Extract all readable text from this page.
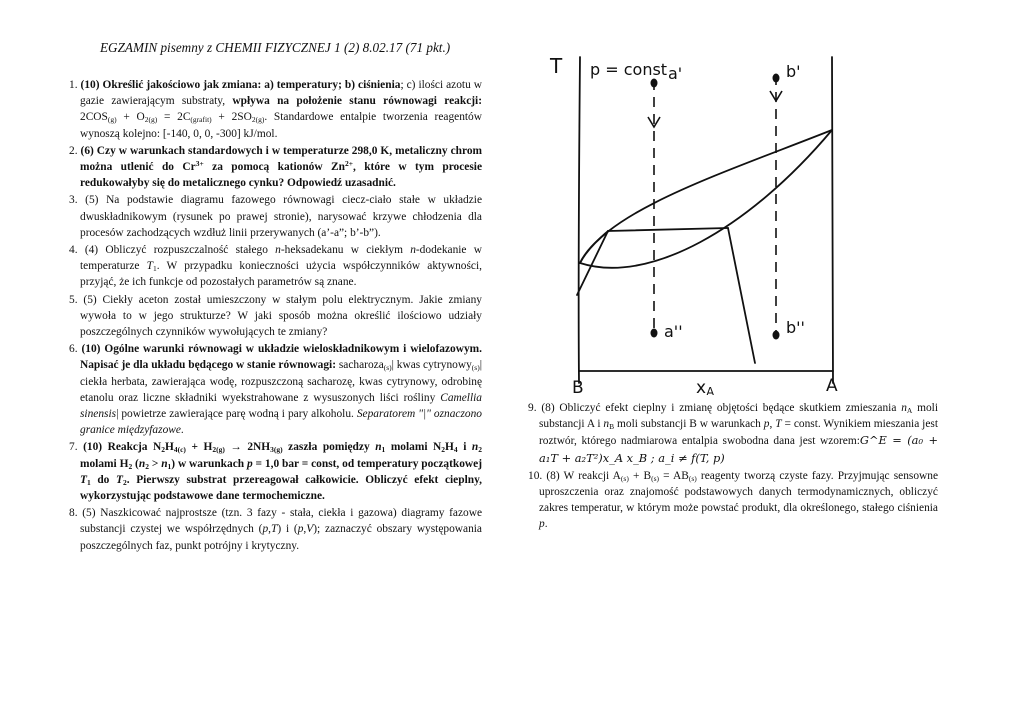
EGZAMIN pisemny z CHEMII FIZYCZNEJ 1 (2) 8.02.17 (71 pkt.)

1. (10) Określić jakościowo jak zmiana: a) temperatury; b) ciśnienia; c) ilości azotu w gazie zawierającym substraty, wpływa na położenie stanu równowagi reakcji: $2COS_{(g)} + O_{2(g)} = 2C_{(grafit)} + 2SO_{2(g)}$. Standardowe entalpie tworzenia reagentów wynoszą kolejno: [-140, 0, 0, -300] kJ/mol.

2. (6) Czy w warunkach standardowych i w temperaturze 298,0 K, metaliczny chrom można utlenić do $Cr^{3+}$ za pomocą kationów $Zn^{2+}$, które w tym procesie redukowałyby się do metalicznego cynku? Odpowiedź uzasadnić.

3. (5) Na podstawie diagramu fazowego równowagi ciecz-ciało stałe w układzie dwuskładnikowym (rysunek po prawej stronie), narysować krzywe chłodzenia dla procesów zachodzących wzdłuż linii przerywanych (a’-a”; b’-b”).

4. (4) Obliczyć rozpuszczalność stałego n-heksadekanu w ciekłym n-dodekanie w temperaturze $T_1$. W przypadku konieczności użycia współczynników aktywności, przyjąć, że ich funkcje od pozostałych parametrów są znane.

5. (5) Ciekły aceton został umieszczony w stałym polu elektrycznym. Jakie zmiany wywoła to w jego strukturze? W jaki sposób można określić ilościowo udziały poszczególnych czynników wywołujących te zmiany?

6. (10) Ogólne warunki równowagi w układzie wieloskładnikowym i wielofazowym. Napisać je dla układu będącego w stanie równowagi: sacharoza$_{(s)}$| kwas cytrynowy$_{(s)}$| ciekła herbata, zawierająca wodę, rozpuszczoną sacharozę, kwas cytrynowy, odrobinę etanolu oraz liczne składniki wyekstrahowane z wysuszonych liści rośliny Camellia sinensis| powietrze zawierające parę wodną i pary alkoholu. Separatorem "|" oznaczono granice międzyfazowe.

7. (10) Reakcja $N_2H_{4(c)} + H_{2(g)} \to 2NH_{3(g)}$ zaszła pomiędzy $n_1$ molami $N_2H_4$ i $n_2$ molami $H_2$ $(n_2 > n_1)$ w warunkach p = 1,0 bar = const, od temperatury początkowej $T_1$ do $T_2$. Pierwszy substrat przereagował całkowicie. Obliczyć efekt cieplny, wykorzystując podstawowe dane termochemiczne.

8. (5) Naszkicować najprostsze (tzn. 3 fazy - stała, ciekła i gazowa) diagramy fazowe substancji czystej we współrzędnych (p,T) i (p,V); zaznaczyć obszary występowania poszczególnych faz, punkt potrójny i krytyczny.

T p = const a'	b'
a''	b''
B	xA	A

9. (8) Obliczyć efekt cieplny i zmianę objętości będące skutkiem zmieszania $n_A$ moli substancji A i $n_B$ moli substancji B w warunkach p, T = const. Wynikiem mieszania jest roztwór, którego nadmiarowa entalpia swobodna dana jest wzorem:G^E = (a₀ + a₁T + a₂T²)x_A x_B ; a_i ≠ f(T, p)

10. (8) W reakcji $A_{(s)} + B_{(s)} = AB_{(s)}$ reagenty tworzą czyste fazy. Przyjmując sensowne uproszczenia oraz znajomość podstawowych danych termodynamicznych, obliczyć zakres temperatur, w którym może powstać produkt, dla określonego, stałego ciśnienia p.
